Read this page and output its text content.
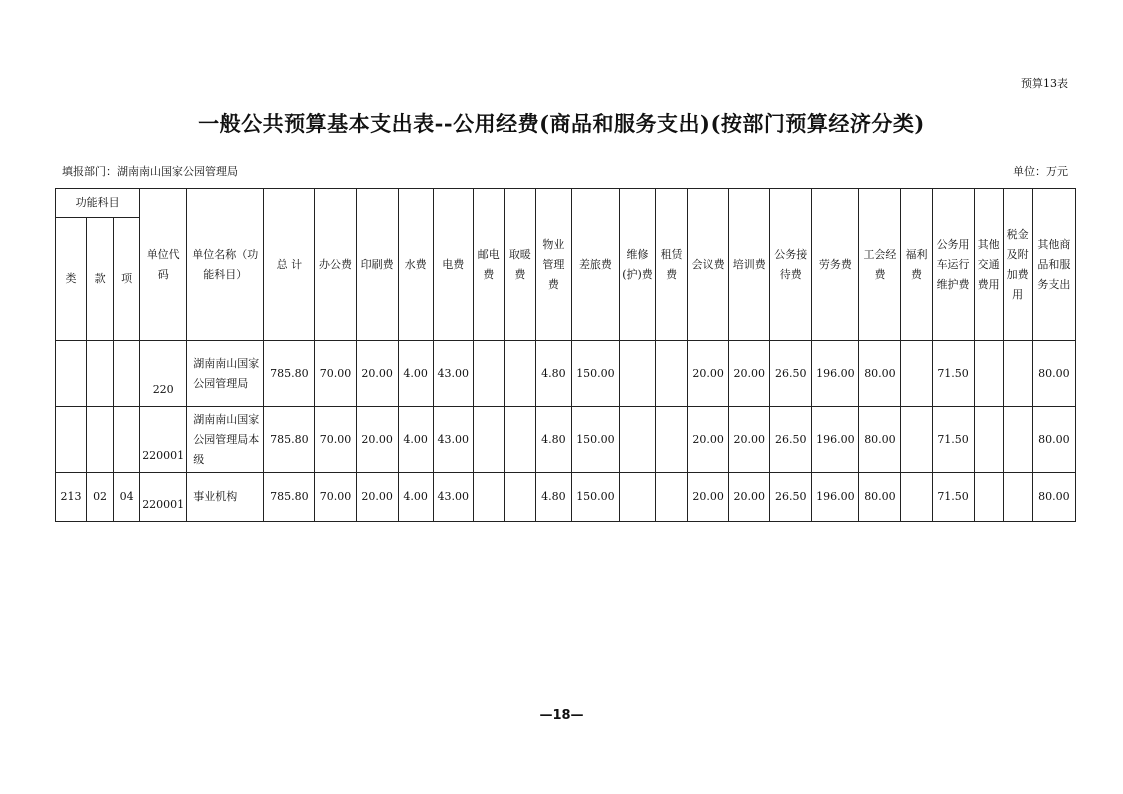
预算13表
一般公共预算基本支出表--公用经费(商品和服务支出)(按部门预算经济分类)
填报部门：湖南南山国家公园管理局	单位：万元
功能科目			单位代码	单位名称（功能科目）	总 计	办公费	印刷费	水费	电费	邮电费	取暖费	物业管理费	差旅费	维修(护)费	租赁费	会议费	培训费	公务接待费	劳务费	工会经费	福利费	公务用车运行维护费	其他交通费用	税金及附加费用	其他商品和服务支出
类	款	项																							
			220	湖南南山国家公园管理局	785.80	70.00	20.00	4.00	43.00			4.80	150.00			20.00	20.00	26.50	196.00	80.00		71.50			80.00
			220001	湖南南山国家公园管理局本级	785.80	70.00	20.00	4.00	43.00			4.80	150.00			20.00	20.00	26.50	196.00	80.00		71.50			80.00
213	02	04	220001	事业机构	785.80	70.00	20.00	4.00	43.00			4.80	150.00			20.00	20.00	26.50	196.00	80.00		71.50			80.00
—18—
